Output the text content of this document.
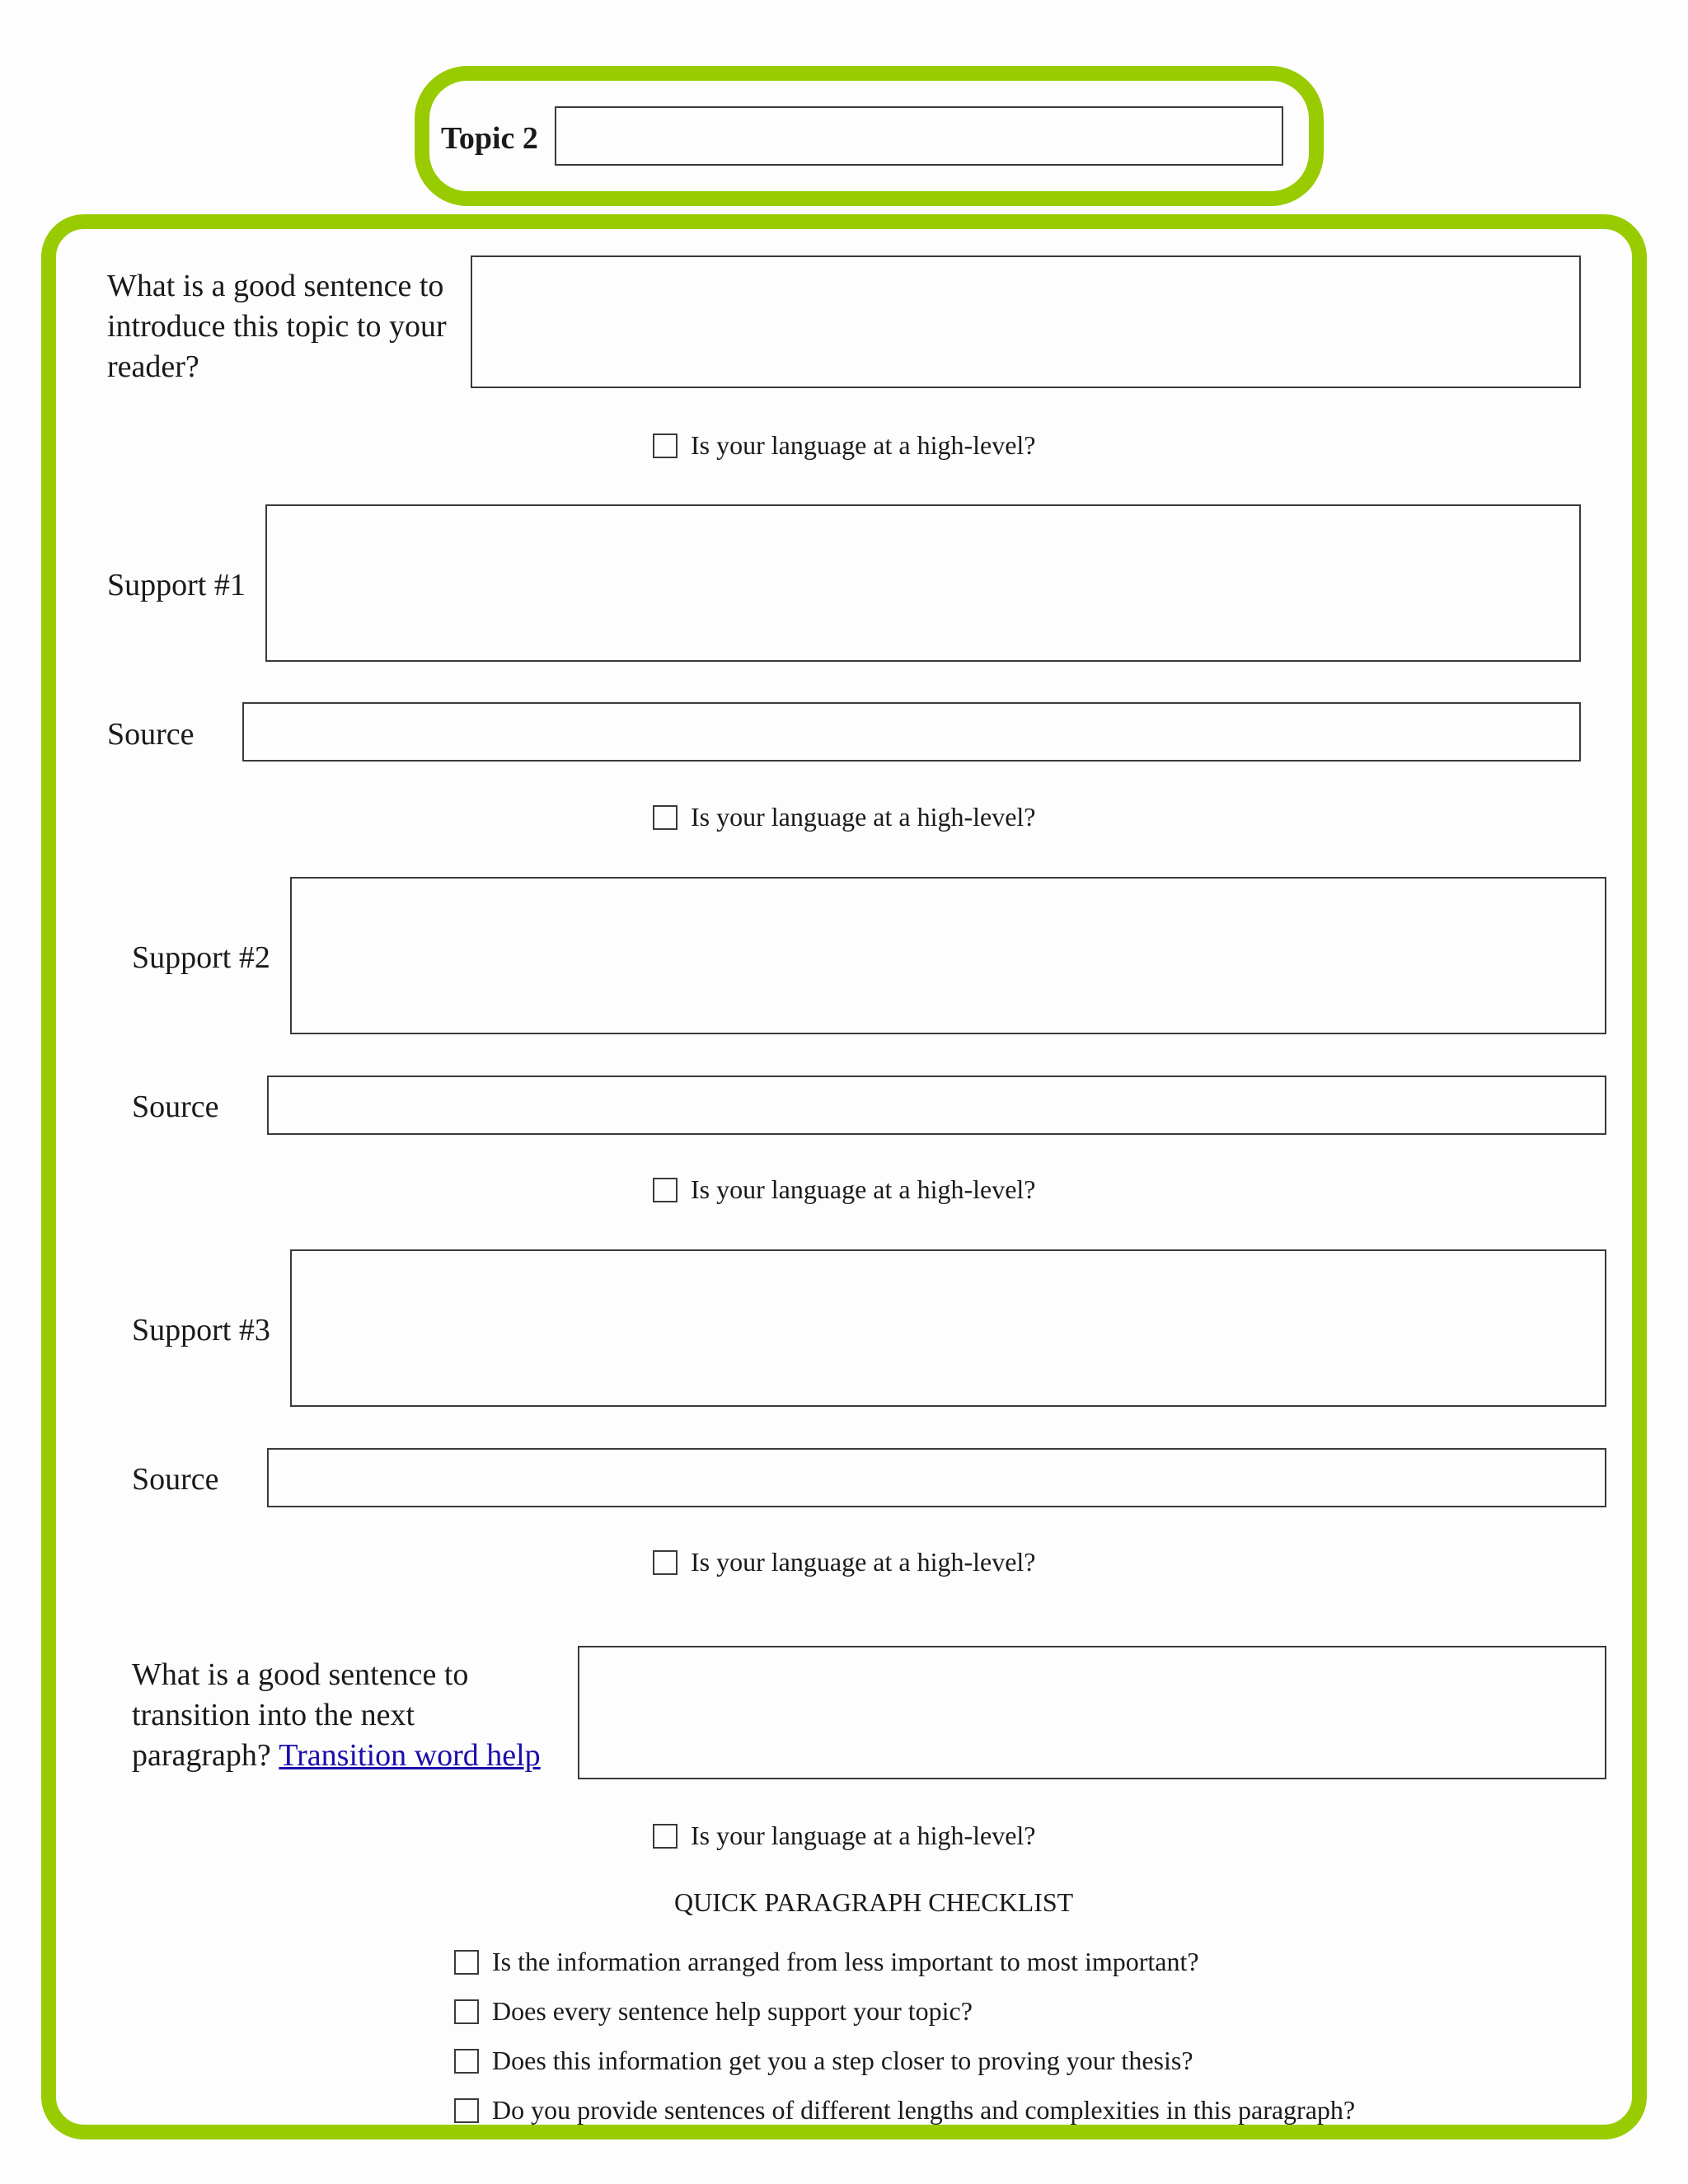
Topic 2
What is a good sentence to
introduce this topic to your
reader?
Is your language at a high-level?
Support #1
Source
Is your language at a high-level?
Support #2
Source
Is your language at a high-level?
Support #3
Source
Is your language at a high-level?
What is a good sentence to
transition into the next
paragraph? Transition word help
Is your language at a high-level?
QUICK PARAGRAPH CHECKLIST
Is the information arranged from less important to most important?
Does every sentence help support your topic?
Does this information get you a step closer to proving your thesis?
Do you provide sentences of different lengths and complexities in this paragraph?
